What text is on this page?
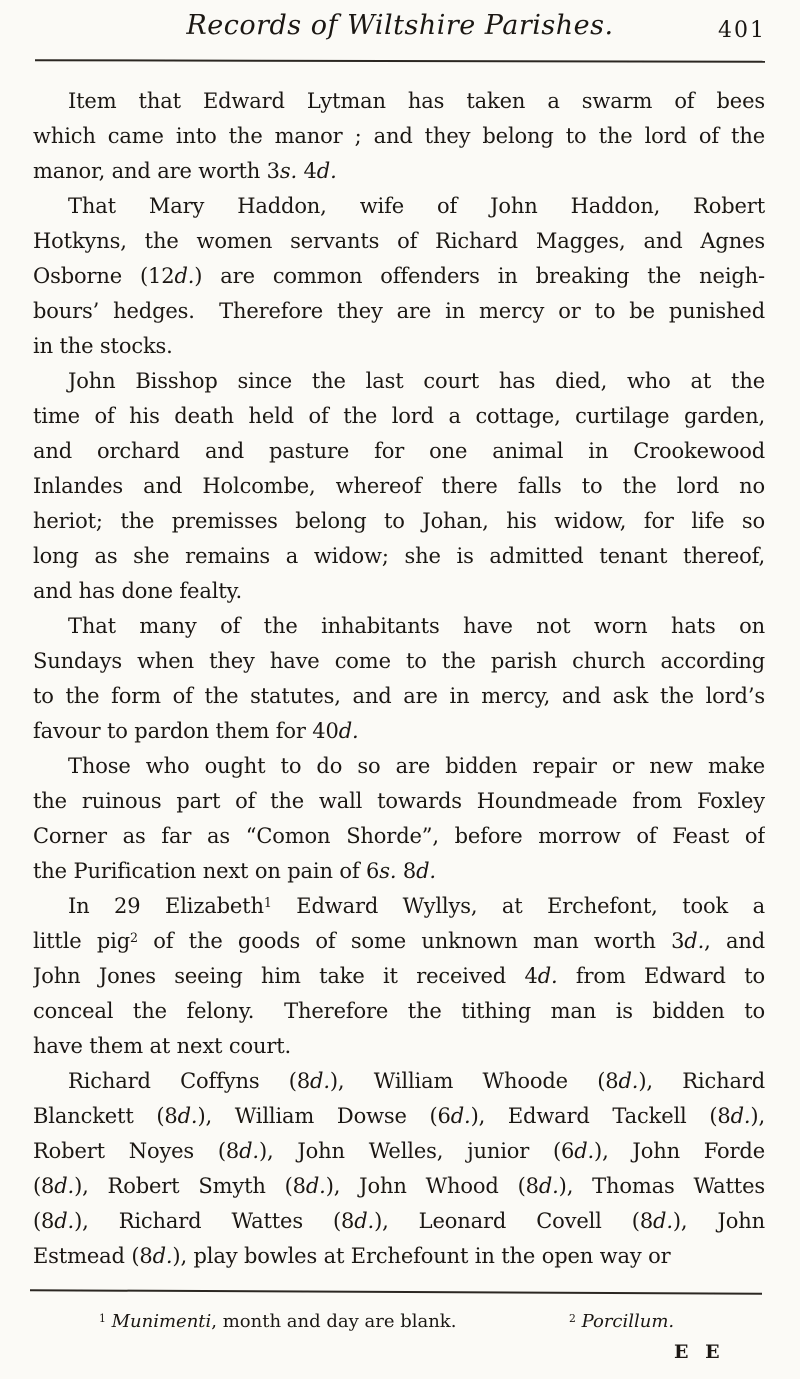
Records of Wiltshire Parishes.	401
Item that Edward Lytman has taken a swarm of bees
which came into the manor ; and they belong to the lord of the
manor, and are worth 3s. 4d.
That Mary Haddon, wife of John Haddon, Robert
Hotkyns, the women servants of Richard Magges, and Agnes
Osborne (12d.) are common offenders in breaking the neigh-
bours’ hedges.  Therefore they are in mercy or to be punished
in the stocks.
John Bisshop since the last court has died, who at the
time of his death held of the lord a cottage, curtilage garden,
and orchard and pasture for one animal in Crookewood
Inlandes and Holcombe, whereof there falls to the lord no
heriot; the premisses belong to Johan, his widow, for life so
long as she remains a widow; she is admitted tenant thereof,
and has done fealty.
That many of the inhabitants have not worn hats on
Sundays when they have come to the parish church according
to the form of the statutes, and are in mercy, and ask the lord’s
favour to pardon them for 40d.
Those who ought to do so are bidden repair or new make
the ruinous part of the wall towards Houndmeade from Foxley
Corner as far as “Comon Shorde”, before morrow of Feast of
the Purification next on pain of 6s. 8d.
In 29 Elizabeth$^1$ Edward Wyllys, at Erchefont, took a
little pig$^2$ of the goods of some unknown man worth 3d., and
John Jones seeing him take it received 4d. from Edward to
conceal the felony.  Therefore the tithing man is bidden to
have them at next court.
Richard Coffyns (8d.), William Whoode (8d.), Richard
Blanckett (8d.), William Dowse (6d.), Edward Tackell (8d.),
Robert Noyes (8d.), John Welles, junior (6d.), John Forde
(8d.), Robert Smyth (8d.), John Whood (8d.), Thomas Wattes
(8d.), Richard Wattes (8d.), Leonard Covell (8d.), John
Estmead (8d.), play bowles at Erchefount in the open way or
$^1$ Munimenti, month and day are blank.	$^2$ Porcillum.
E E
